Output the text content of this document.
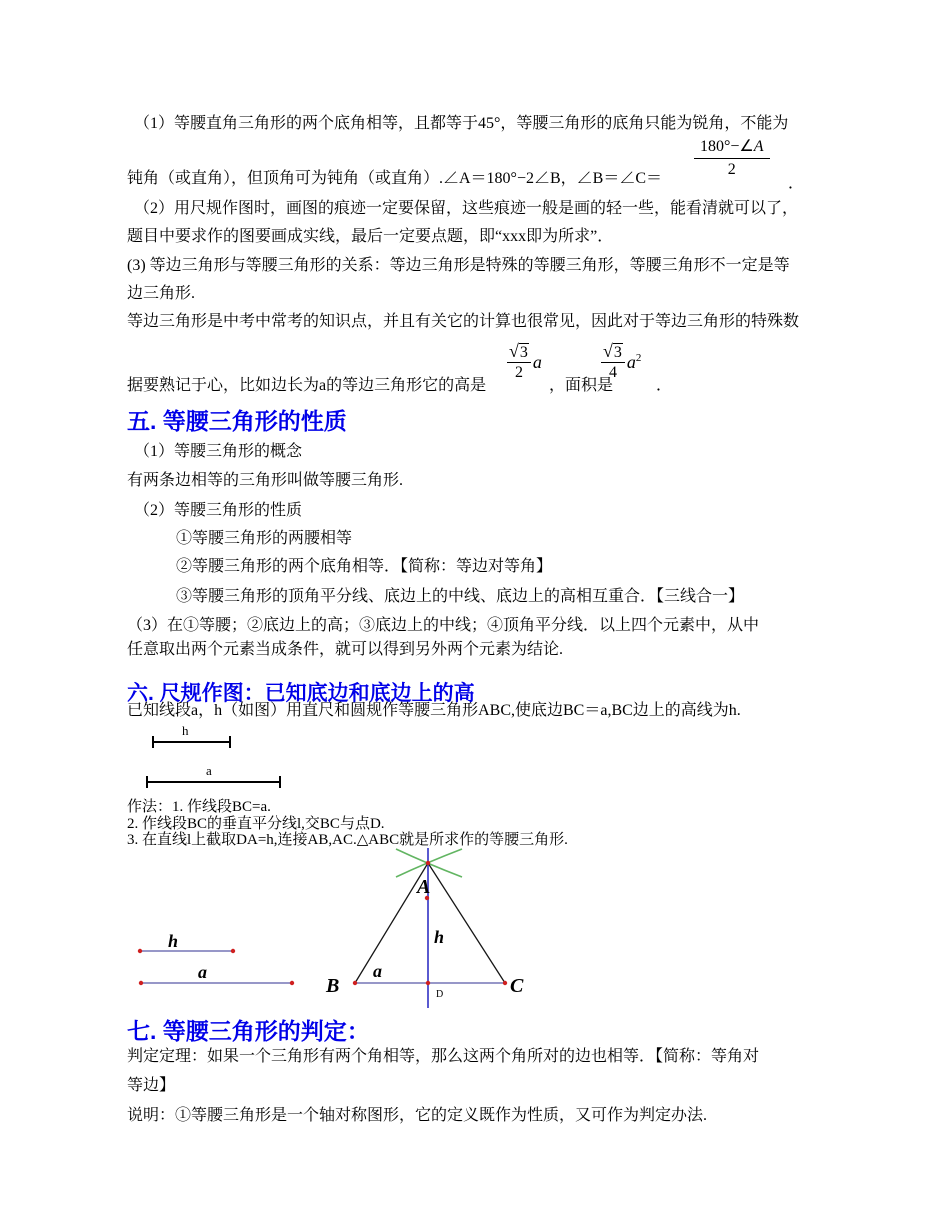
（1）等腰直角三角形的两个底角相等，且都等于45°，等腰三角形的底角只能为锐角，不能为
$\frac{180^\circ-\angle A}{2}$
钝角（或直角），但顶角可为钝角（或直角）.∠A＝180°−2∠B，∠B＝∠C＝	．
（2）用尺规作图时，画图的痕迹一定要保留，这些痕迹一般是画的轻一些，能看清就可以了，
题目中要求作的图要画成实线，最后一定要点题，即“xxx即为所求”．
(3) 等边三角形与等腰三角形的关系：等边三角形是特殊的等腰三角形，等腰三角形不一定是等
边三角形.
等边三角形是中考中常考的知识点，并且有关它的计算也很常见，因此对于等边三角形的特殊数
据要熟记于心，比如边长为a的等边三角形它的高是
$\frac{√3}{2}$ a
，面积是
$\frac{√3}{4} a^2$
．
五. 等腰三角形的性质
（1）等腰三角形的概念
有两条边相等的三角形叫做等腰三角形.
（2）等腰三角形的性质
①等腰三角形的两腰相等
②等腰三角形的两个底角相等．【简称：等边对等角】
③等腰三角形的顶角平分线、底边上的中线、底边上的高相互重合．【三线合一】
（3）在①等腰；②底边上的高；③底边上的中线；④顶角平分线．以上四个元素中，从中
任意取出两个元素当成条件，就可以得到另外两个元素为结论.
六. 尺规作图：已知底边和底边上的高
已知线段a，h（如图）用直尺和圆规作等腰三角形ABC,使底边BC＝a,BC边上的高线为h.
h
a
作法：1. 作线段BC=a.
2. 作线段BC的垂直平分线l,交BC与点D.
3. 在直线l上截取DA=h,连接AB,AC.△ABC就是所求作的等腰三角形.
h
a
A
h
a
B	C
D
七. 等腰三角形的判定：
判定定理：如果一个三角形有两个角相等，那么这两个角所对的边也相等．【简称：等角对
等边】
说明：①等腰三角形是一个轴对称图形，它的定义既作为性质，又可作为判定办法.
